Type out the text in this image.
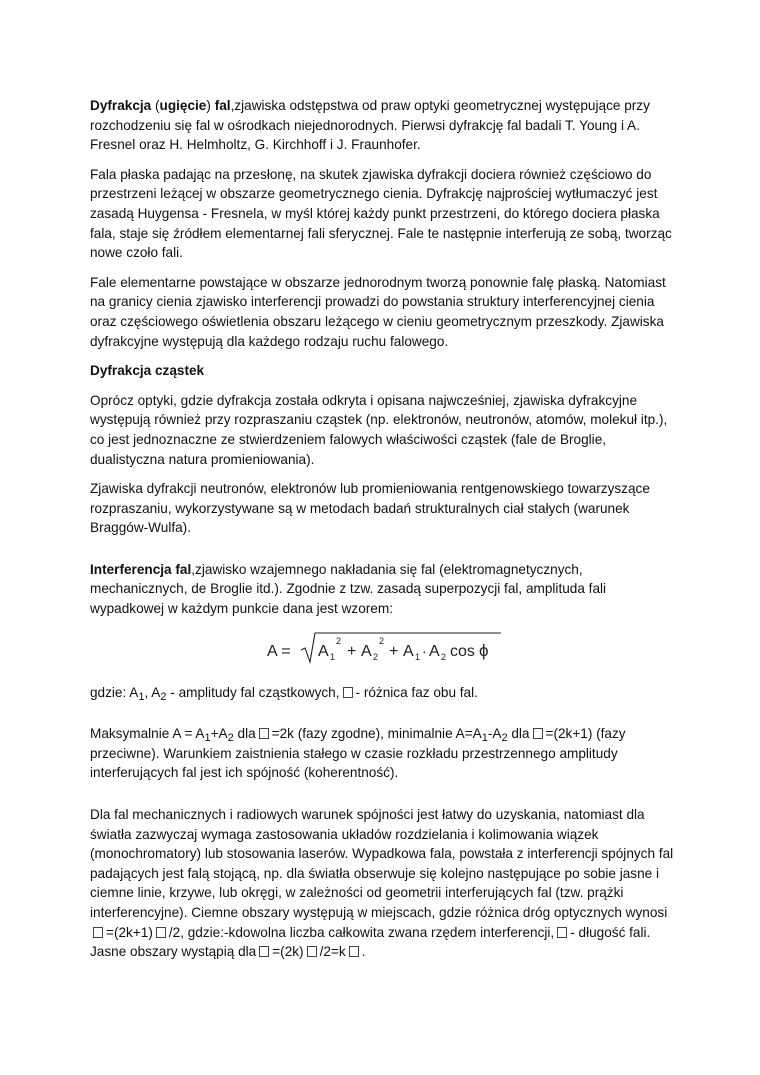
Dyfrakcja (ugięcie) fal,zjawiska odstępstwa od praw optyki geometrycznej występujące przy rozchodzeniu się fal w ośrodkach niejednorodnych. Pierwsi dyfrakcję fal badali T. Young i A. Fresnel oraz H. Helmholtz, G. Kirchhoff i J. Fraunhofer.

Fala płaska padając na przesłonę, na skutek zjawiska dyfrakcji dociera również częściowo do przestrzeni leżącej w obszarze geometrycznego cienia. Dyfrakcję najprościej wytłumaczyć jest zasadą Huygensa - Fresnela, w myśl której każdy punkt przestrzeni, do którego dociera płaska fala, staje się źródłem elementarnej fali sferycznej. Fale te następnie interferują ze sobą, tworząc nowe czoło fali.

Fale elementarne powstające w obszarze jednorodnym tworzą ponownie falę płaską. Natomiast na granicy cienia zjawisko interferencji prowadzi do powstania struktury interferencyjnej cienia oraz częściowego oświetlenia obszaru leżącego w cieniu geometrycznym przeszkody. Zjawiska dyfrakcyjne występują dla każdego rodzaju ruchu falowego.

Dyfrakcja cząstek

Oprócz optyki, gdzie dyfrakcja została odkryta i opisana najwcześniej, zjawiska dyfrakcyjne występują również przy rozpraszaniu cząstek (np. elektronów, neutronów, atomów, molekuł itp.), co jest jednoznaczne ze stwierdzeniem falowych właściwości cząstek (fale de Broglie, dualistyczna natura promieniowania).

Zjawiska dyfrakcji neutronów, elektronów lub promieniowania rentgenowskiego towarzyszące rozpraszaniu, wykorzystywane są w metodach badań strukturalnych ciał stałych (warunek Braggów-Wulfa).

Interferencja fal,zjawisko wzajemnego nakładania się fal (elektromagnetycznych, mechanicznych, de Broglie itd.). Zgodnie z tzw. zasadą superpozycji fal, amplituda fali wypadkowej w każdym punkcie dana jest wzorem:

A = A 1
2
+ A 2
2
+ A 1 · A 2 cos ϕ

gdzie: $A_1$, $A_2$ - amplitudy fal cząstkowych, - różnica faz obu fal.

Maksymalnie $A = A_1+A_2$ dla =2k (fazy zgodne), minimalnie $A=A_1-A_2$ dla =(2k+1) (fazy przeciwne). Warunkiem zaistnienia stałego w czasie rozkładu przestrzennego amplitudy interferujących fal jest ich spójność (koherentność).

Dla fal mechanicznych i radiowych warunek spójności jest łatwy do uzyskania, natomiast dla światła zazwyczaj wymaga zastosowania układów rozdzielania i kolimowania wiązek (monochromatory) lub stosowania laserów. Wypadkowa fala, powstała z interferencji spójnych fal padających jest falą stojącą, np. dla światła obserwuje się kolejno następujące po sobie jasne i ciemne linie, krzywe, lub okręgi, w zależności od geometrii interferujących fal (tzw. prążki interferencyjne). Ciemne obszary występują w miejscach, gdzie różnica dróg optycznych wynosi=(2k+1) /2, gdzie:-kdowolna liczba całkowita zwana rzędem interferencji, - długość fali. Jasne obszary wystąpią dla =(2k) /2=k .
